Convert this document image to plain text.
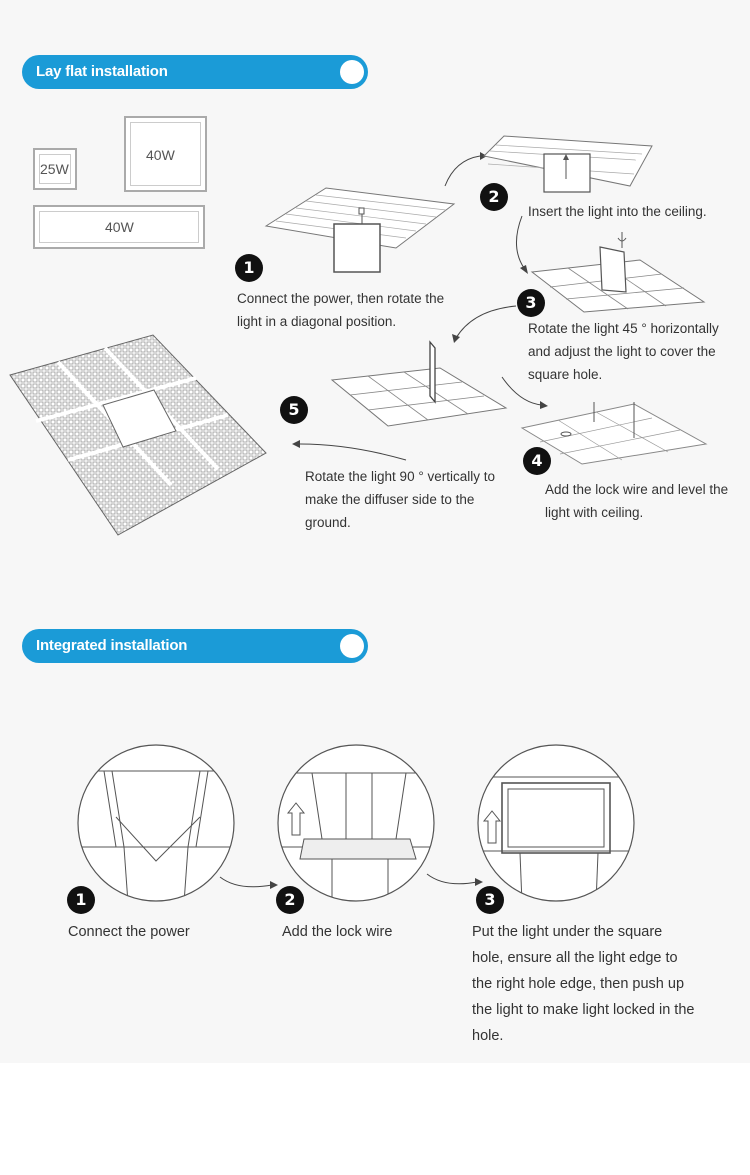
Lay flat installation
25W
40W
40W
1
Connect the power, then rotate the light in a diagonal position.
2
Insert the light into the ceiling.
3
Rotate the light 45 ° horizontally and adjust the light to cover the square hole.
4
Add the lock wire and level the light with ceiling.
5
Rotate the light 90 ° vertically to make the diffuser side to the ground.
Integrated installation
1
Connect the power
2
Add the lock wire
3
Put the light under the square hole, ensure all the light edge to the right hole edge, then push up the light to make light locked in the hole.
